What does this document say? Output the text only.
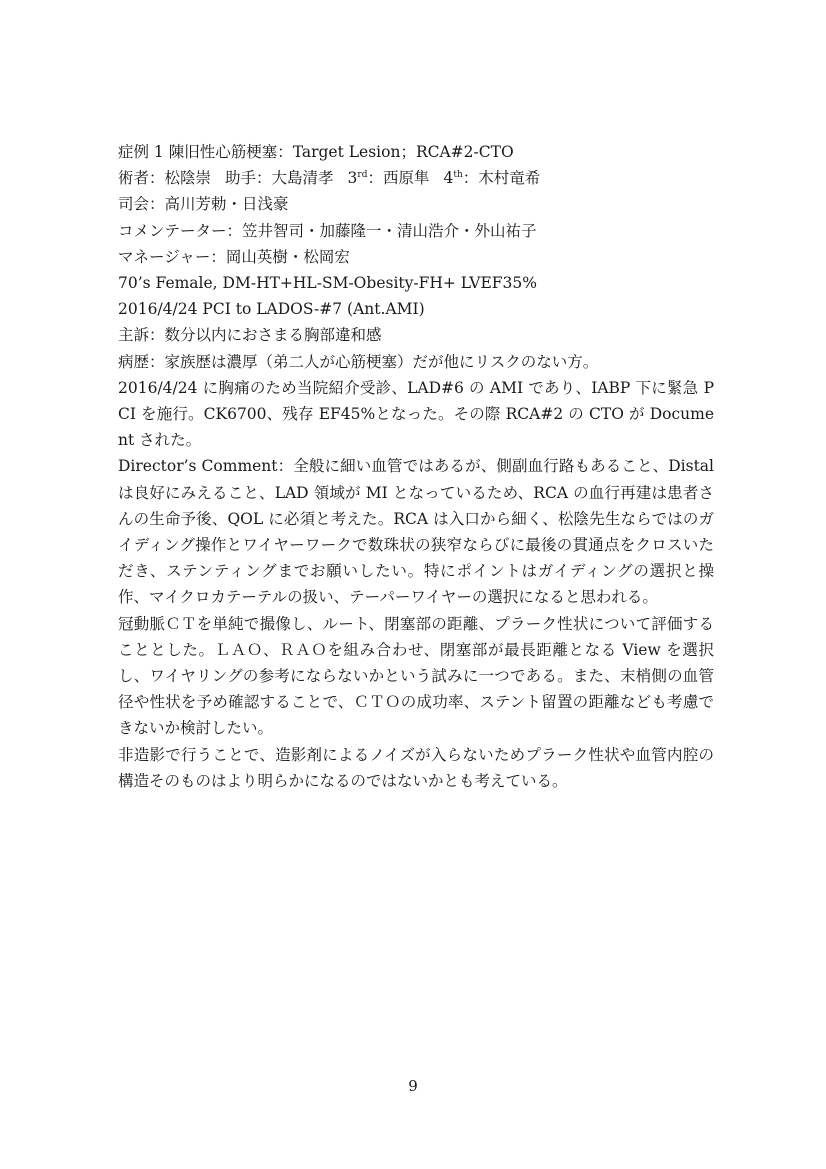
症例 1 陳旧性心筋梗塞：Target Lesion；RCA#2-CTO
術者：松陰崇 助手：大島清孝 3rd：西原隼 4th：木村竜希
司会：高川芳勅・日浅豪
コメンテーター：笠井智司・加藤隆一・清山浩介・外山祐子
マネージャー：岡山英樹・松岡宏
70’s Female, DM-HT+HL-SM-Obesity-FH+ LVEF35%
2016/4/24 PCI to LADOS-#7 (Ant.AMI)
主訴：数分以内におさまる胸部違和感
病歴：家族歴は濃厚（弟二人が心筋梗塞）だが他にリスクのない方。
2016/4/24 に胸痛のため当院紹介受診、LAD#6 の AMI であり、IABP 下に緊急 PCI を施行。CK6700、残存 EF45%となった。その際 RCA#2 の CTO が Document された。
Director’s Comment：全般に細い血管ではあるが、側副血行路もあること、Distal は良好にみえること、LAD 領域が MI となっているため、RCA の血行再建は患者さんの生命予後、QOL に必須と考えた。RCA は入口から細く、松陰先生ならではのガイディング操作とワイヤーワークで数珠状の狭窄ならびに最後の貫通点をクロスいただき、ステンティングまでお願いしたい。特にポイントはガイディングの選択と操作、マイクロカテーテルの扱い、テーパーワイヤーの選択になると思われる。
冠動脈ＣＴを単純で撮像し、ルート、閉塞部の距離、プラーク性状について評価することとした。ＬＡＯ、ＲＡＯを組み合わせ、閉塞部が最長距離となる View を選択し、ワイヤリングの参考にならないかという試みに一つである。また、末梢側の血管径や性状を予め確認することで、ＣＴＯの成功率、ステント留置の距離なども考慮できないか検討したい。
非造影で行うことで、造影剤によるノイズが入らないためプラーク性状や血管内腔の構造そのものはより明らかになるのではないかとも考えている。
9
